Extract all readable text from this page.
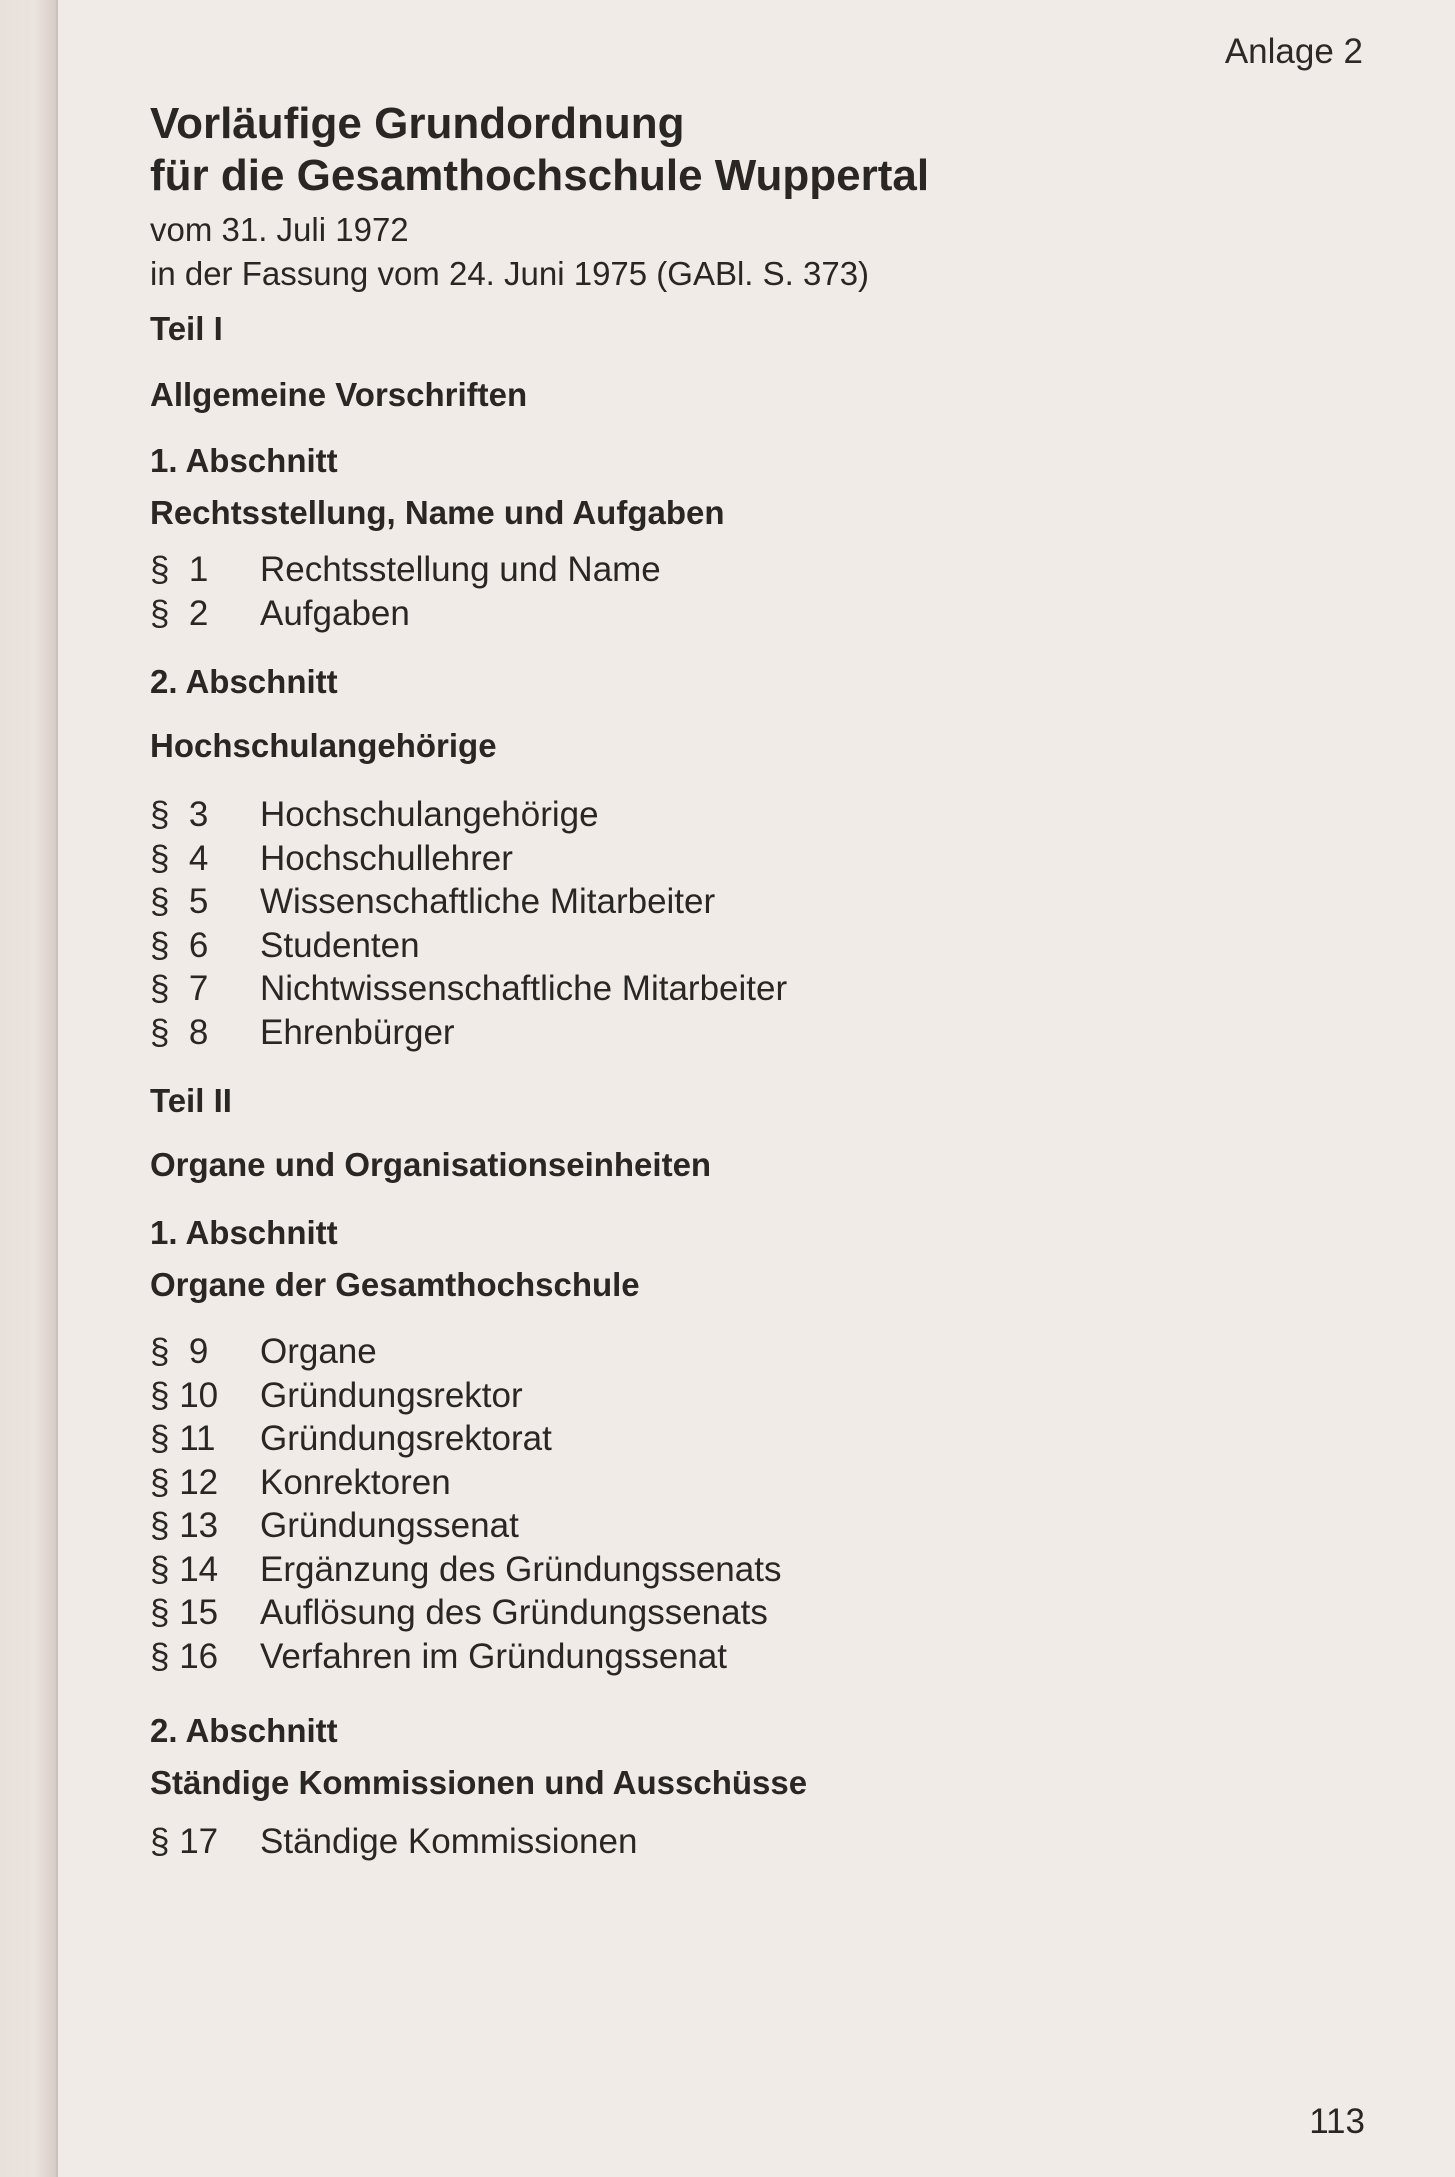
Anlage 2
Vorläufige Grundordnung
für die Gesamthochschule Wuppertal
vom 31. Juli 1972
in der Fassung vom 24. Juni 1975 (GABl. S. 373)
Teil I
Allgemeine Vorschriften
1. Abschnitt
Rechtsstellung, Name und Aufgaben
§  1	Rechtsstellung und Name
§  2	Aufgaben
2. Abschnitt
Hochschulangehörige
§  3	Hochschulangehörige
§  4	Hochschullehrer
§  5	Wissenschaftliche Mitarbeiter
§  6	Studenten
§  7	Nichtwissenschaftliche Mitarbeiter
§  8	Ehrenbürger
Teil II
Organe und Organisationseinheiten
1. Abschnitt
Organe der Gesamthochschule
§  9	Organe
§ 10	Gründungsrektor
§ 11	Gründungsrektorat
§ 12	Konrektoren
§ 13	Gründungssenat
§ 14	Ergänzung des Gründungssenats
§ 15	Auflösung des Gründungssenats
§ 16	Verfahren im Gründungssenat
2. Abschnitt
Ständige Kommissionen und Ausschüsse
§ 17	Ständige Kommissionen
113
